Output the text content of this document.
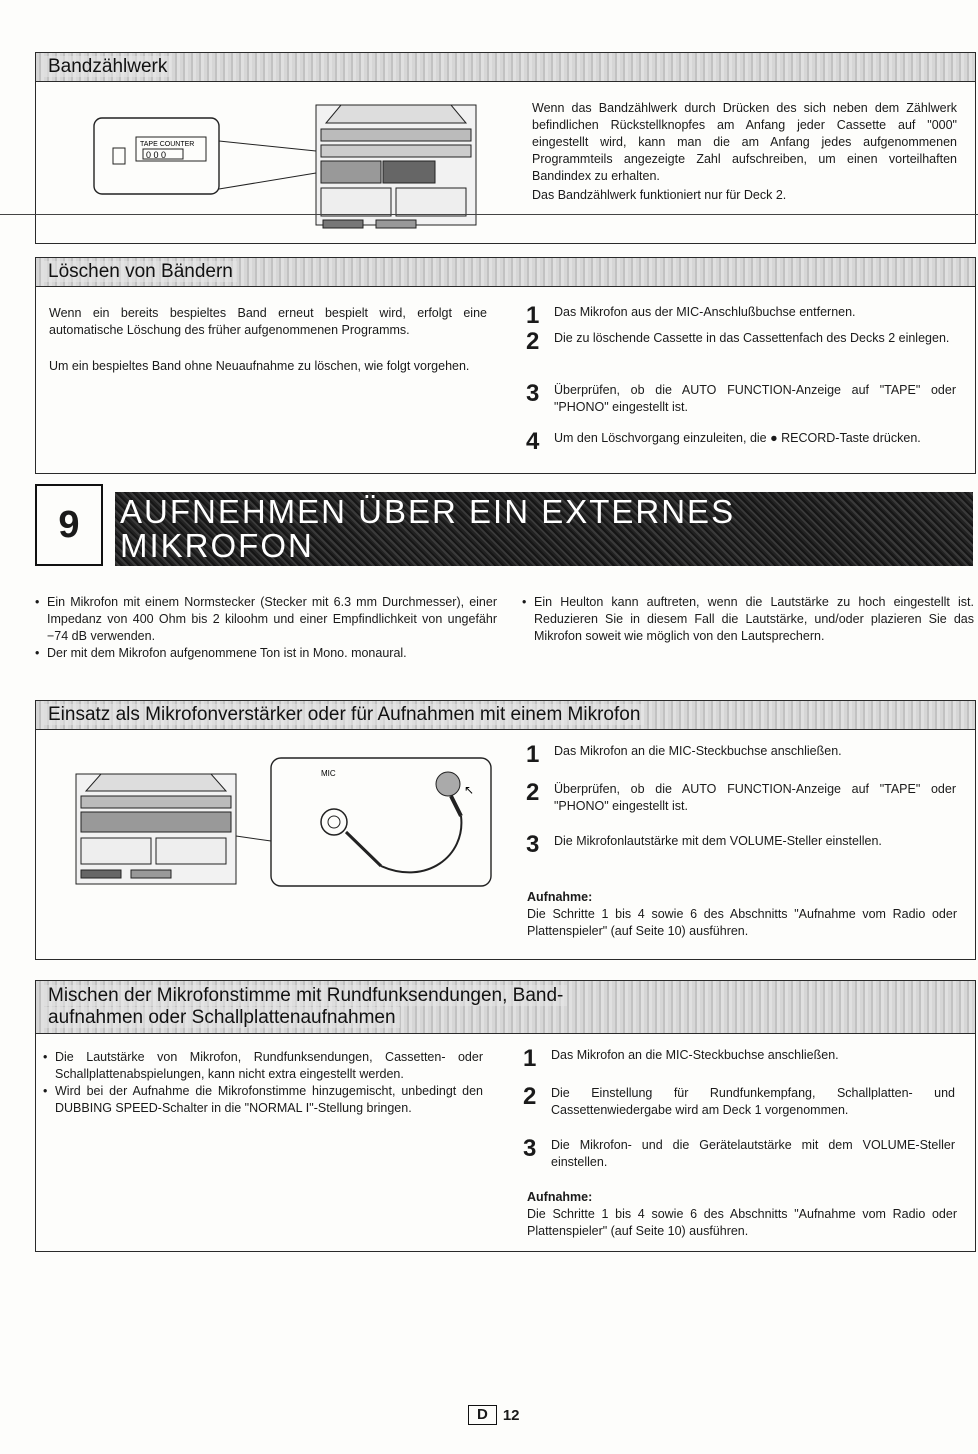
Bandzählwerk
TAPE COUNTER
0 0 0
Wenn das Bandzählwerk durch Drücken des sich neben dem Zählwerk befindlichen Rückstellknopfes am Anfang jeder Cassette auf "000" eingestellt wird, kann man die am Anfang jedes aufgenommenen Programmteils angezeigte Zahl aufschreiben, um einen vorteilhaften Bandindex zu erhalten.
Das Bandzählwerk funktioniert nur für Deck 2.
Löschen von Bändern
Wenn ein bereits bespieltes Band erneut bespielt wird, erfolgt eine automatische Löschung des früher aufgenommenen Programms.
Um ein bespieltes Band ohne Neuaufnahme zu löschen, wie folgt vorgehen.
1	Das Mikrofon aus der MIC-Anschlußbuchse entfernen.
2	Die zu löschende Cassette in das Cassettenfach des Decks 2 einlegen.
3	Überprüfen, ob die AUTO FUNCTION-Anzeige auf "TAPE" oder "PHONO" eingestellt ist.
4	Um den Löschvorgang einzuleiten, die ● RECORD-Taste drücken.
9	AUFNEHMEN ÜBER EIN EXTERNES
MIKROFON
• Ein Mikrofon mit einem Normstecker (Stecker mit 6.3 mm Durchmesser), einer Impedanz von 400 Ohm bis 2 kiloohm und einer Empfindlichkeit von ungefähr −74 dB verwenden.
• Der mit dem Mikrofon aufgenommene Ton ist in Mono. monaural.
• Ein Heulton kann auftreten, wenn die Lautstärke zu hoch eingestellt ist. Reduzieren Sie in diesem Fall die Lautstärke, und/oder plazieren Sie das Mikrofon soweit wie möglich von den Lautsprechern.
Einsatz als Mikrofonverstärker oder für Aufnahmen mit einem Mikrofon
MIC
↖
1	Das Mikrofon an die MIC-Steckbuchse anschließen.
2	Überprüfen, ob die AUTO FUNCTION-Anzeige auf "TAPE" oder "PHONO" eingestellt ist.
3	Die Mikrofonlautstärke mit dem VOLUME-Steller einstellen.
Aufnahme:
Die Schritte 1 bis 4 sowie 6 des Abschnitts "Aufnahme vom Radio oder Plattenspieler" (auf Seite 10) ausführen.
Mischen der Mikrofonstimme mit Rundfunksendungen, Band-
aufnahmen oder Schallplattenaufnahmen
• Die Lautstärke von Mikrofon, Rundfunksendungen, Cassetten- oder Schallplattenabspielungen, kann nicht extra eingestellt werden.
• Wird bei der Aufnahme die Mikrofonstimme hinzugemischt, unbedingt den DUBBING SPEED-Schalter in die "NORMAL Ⅰ"-Stellung bringen.
1	Das Mikrofon an die MIC-Steckbuchse anschließen.
2	Die Einstellung für Rundfunkempfang, Schallplatten- und Cassettenwiedergabe wird am Deck 1 vorgenommen.
3	Die Mikrofon- und die Gerätelautstärke mit dem VOLUME-Steller einstellen.
Aufnahme:
Die Schritte 1 bis 4 sowie 6 des Abschnitts "Aufnahme vom Radio oder Plattenspieler" (auf Seite 10) ausführen.
D	12
